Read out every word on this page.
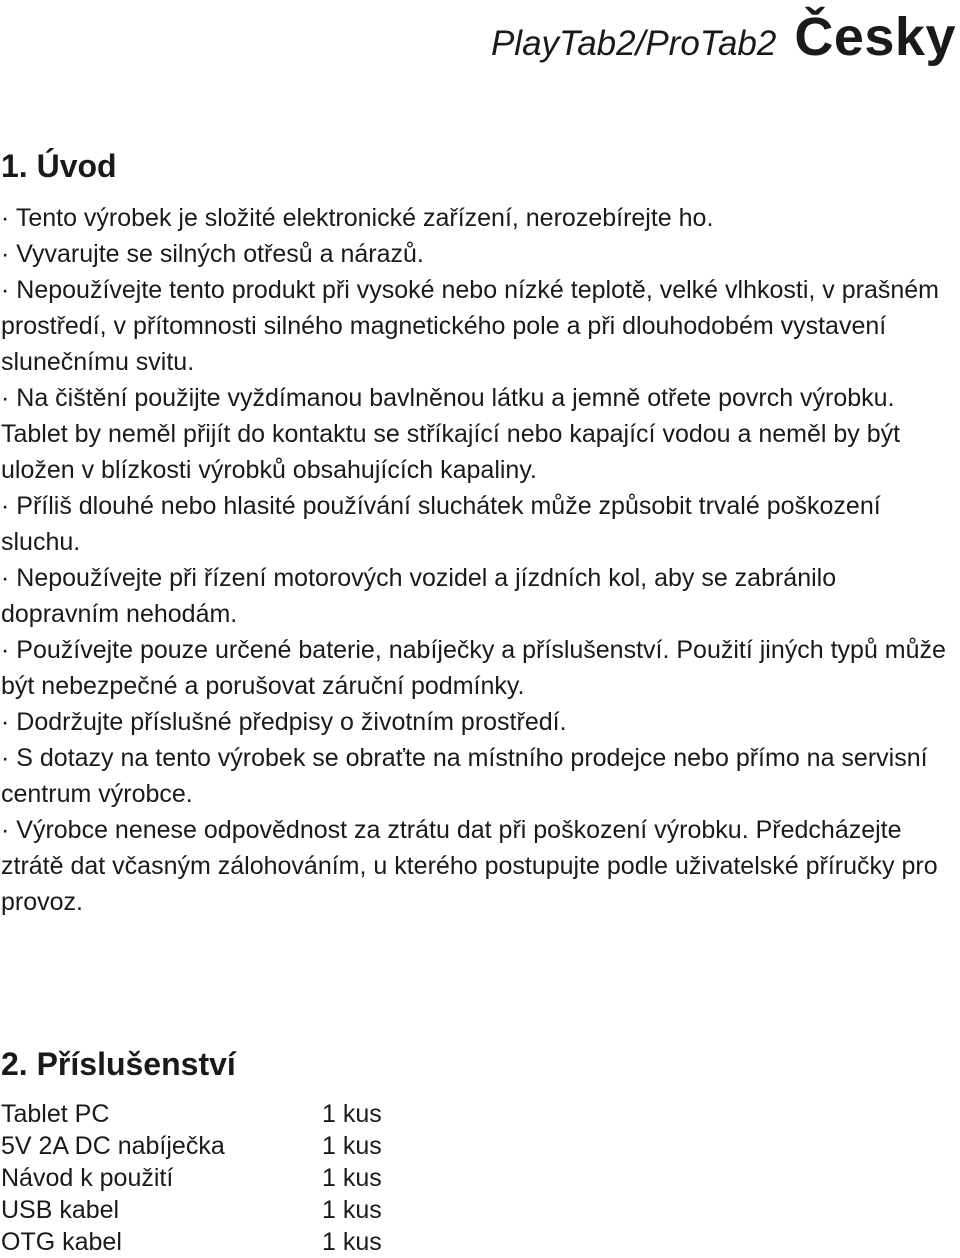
PlayTab2/ProTab2 Česky
1. Úvod
· Tento výrobek je složité elektronické zařízení, nerozebírejte ho.
· Vyvarujte se silných otřesů a nárazů.
· Nepoužívejte tento produkt při vysoké nebo nízké teplotě, velké vlhkosti, v prašném prostředí, v přítomnosti silného magnetického pole a při dlouhodobém vystavení slunečnímu svitu.
· Na čištění použijte vyždímanou bavlněnou látku a jemně otřete povrch výrobku. Tablet by neměl přijít do kontaktu se stříkající nebo kapající vodou a neměl by být uložen v blízkosti výrobků obsahujících kapaliny.
· Příliš dlouhé nebo hlasité používání sluchátek může způsobit trvalé poškození sluchu.
· Nepoužívejte při řízení motorových vozidel a jízdních kol, aby se zabránilo dopravním nehodám.
· Používejte pouze určené baterie, nabíječky a příslušenství. Použití jiných typů může být nebezpečné a porušovat záruční podmínky.
· Dodržujte příslušné předpisy o životním prostředí.
· S dotazy na tento výrobek se obraťte na místního prodejce nebo přímo na servisní centrum výrobce.
· Výrobce nenese odpovědnost za ztrátu dat při poškození výrobku. Předcházejte ztrátě dat včasným zálohováním, u kterého postupujte podle uživatelské příručky pro provoz.
2. Příslušenství
Tablet PC	1 kus
5V 2A DC nabíječka	1 kus
Návod k použití	1 kus
USB kabel	1 kus
OTG kabel	1 kus
